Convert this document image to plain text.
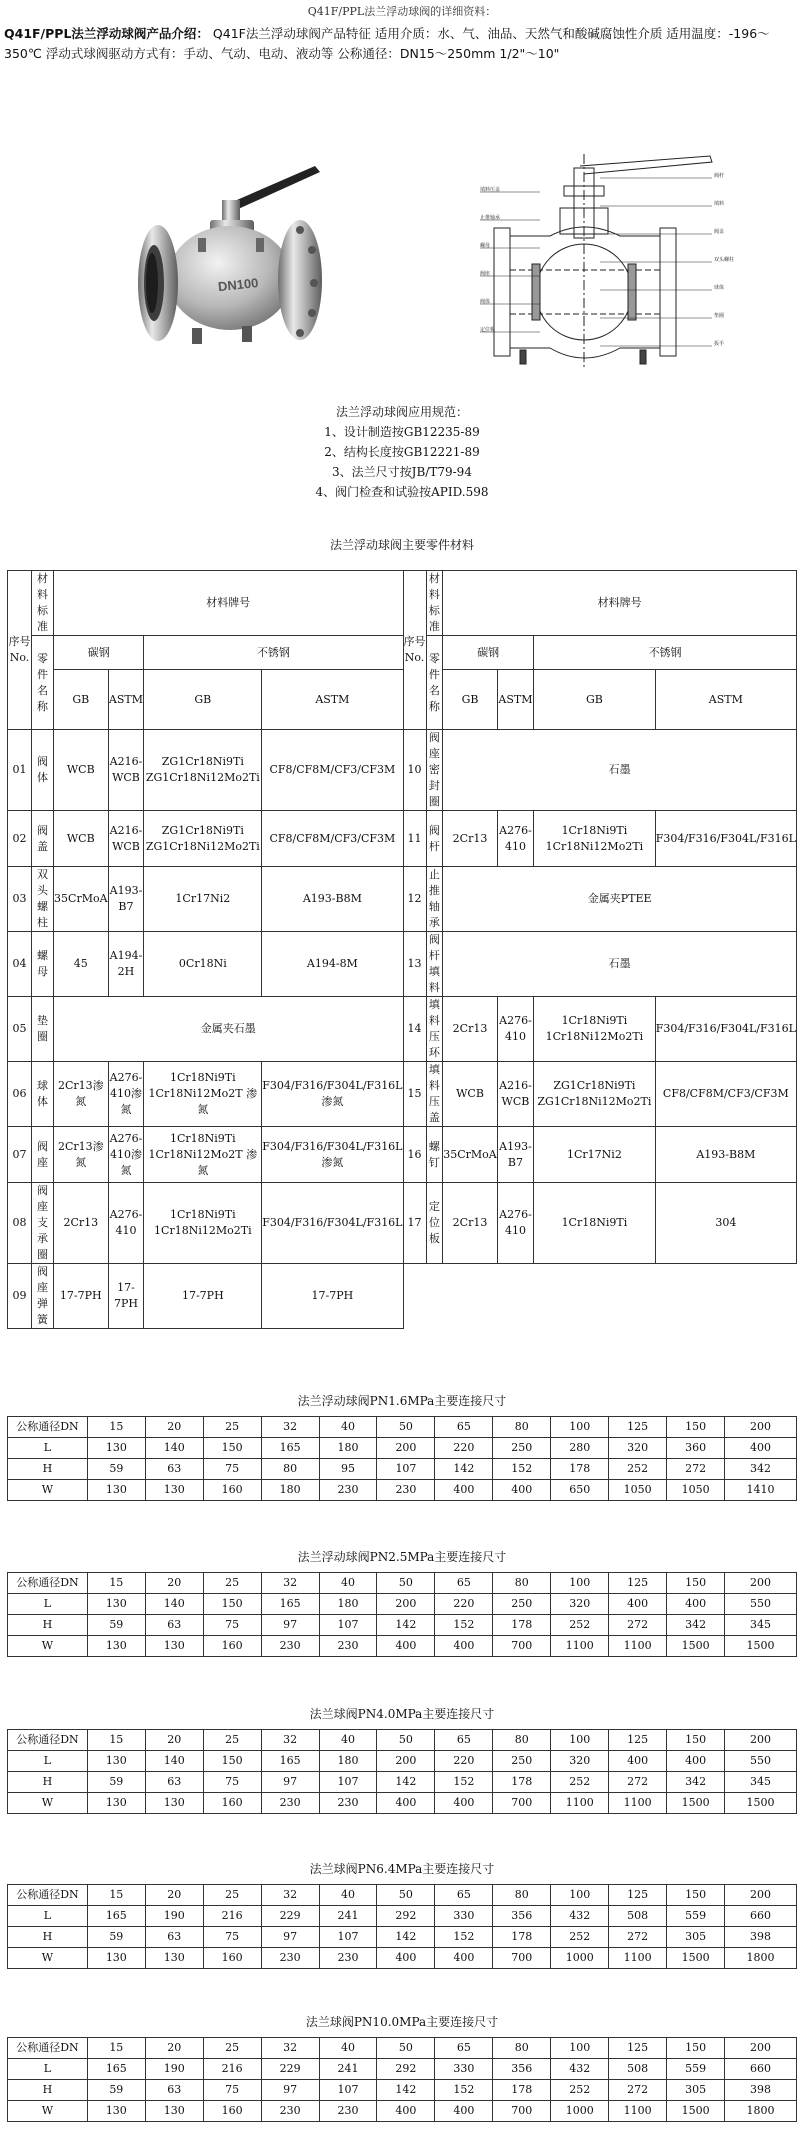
Q41F/PPL法兰浮动球阀的详细资料：
Q41F/PPL法兰浮动球阀产品介绍： Q41F法兰浮动球阀产品特征 适用介质：水、气、油品、天然气和酸碱腐蚀性介质 适用温度：-196～350℃ 浮动式球阀驱动方式有：手动、气动、电动、液动等 公称通径：DN15～250mm 1/2"～10"
DN100
阀杆
填料压盖
填料
止推轴承
阀盖
螺母
双头螺柱
阀座
球体
阀体
垫圈
定位板
扳手
法兰浮动球阀应用规范：
1、设计制造按GB12235-89
2、结构长度按GB12221-89
3、法兰尺寸按JB/T79-94
4、阀门检查和试验按APID.598
法兰浮动球阀主要零件材料
序号No.	材料标准	材料牌号				序号No.	材料标准	材料牌号			
	零件名称	碳钢		不锈钢			零件名称	碳钢		不锈钢	
		GB	ASTM	GB	ASTM			GB	ASTM	GB	ASTM
01	阀体	WCB	A216-WCB	ZG1Cr18Ni9Ti ZG1Cr18Ni12Mo2Ti	CF8/CF8M/CF3/CF3M	10	阀座密封圈	石墨			
02	阀盖	WCB	A216-WCB	ZG1Cr18Ni9Ti ZG1Cr18Ni12Mo2Ti	CF8/CF8M/CF3/CF3M	11	阀杆	2Cr13	A276-410	1Cr18Ni9Ti 1Cr18Ni12Mo2Ti	F304/F316/F304L/F316L
03	双头螺柱	35CrMoA	A193-B7	1Cr17Ni2	A193-B8M	12	止推轴承	金属夹PTEE			
04	螺母	45	A194-2H	0Cr18Ni	A194-8M	13	阀杆填料	石墨			
05	垫圈	金属夹石墨				14	填料压环	2Cr13	A276-410	1Cr18Ni9Ti 1Cr18Ni12Mo2Ti	F304/F316/F304L/F316L
06	球体	2Cr13渗氮	A276-410渗氮	1Cr18Ni9Ti 1Cr18Ni12Mo2T 渗氮	F304/F316/F304L/F316L 渗氮	15	填料压盖	WCB	A216-WCB	ZG1Cr18Ni9Ti ZG1Cr18Ni12Mo2Ti	CF8/CF8M/CF3/CF3M
07	阀座	2Cr13渗氮	A276-410渗氮	1Cr18Ni9Ti 1Cr18Ni12Mo2T 渗氮	F304/F316/F304L/F316L 渗氮	16	螺钉	35CrMoA	A193-B7	1Cr17Ni2	A193-B8M
08	阀座支承圈	2Cr13	A276-410	1Cr18Ni9Ti 1Cr18Ni12Mo2Ti	F304/F316/F304L/F316L	17	定位板	2Cr13	A276-410	1Cr18Ni9Ti	304
09	阀座弹簧	17-7PH	17-7PH	17-7PH	17-7PH						
法兰浮动球阀PN1.6MPa主要连接尺寸
公称通径DN	15	20	25	32	40	50	65	80	100	125	150	200
L	130	140	150	165	180	200	220	250	280	320	360	400
H	59	63	75	80	95	107	142	152	178	252	272	342
W	130	130	160	180	230	230	400	400	650	1050	1050	1410
法兰浮动球阀PN2.5MPa主要连接尺寸
公称通径DN	15	20	25	32	40	50	65	80	100	125	150	200
L	130	140	150	165	180	200	220	250	320	400	400	550
H	59	63	75	97	107	142	152	178	252	272	342	345
W	130	130	160	230	230	400	400	700	1100	1100	1500	1500
法兰球阀PN4.0MPa主要连接尺寸
公称通径DN	15	20	25	32	40	50	65	80	100	125	150	200
L	130	140	150	165	180	200	220	250	320	400	400	550
H	59	63	75	97	107	142	152	178	252	272	342	345
W	130	130	160	230	230	400	400	700	1100	1100	1500	1500
法兰球阀PN6.4MPa主要连接尺寸
公称通径DN	15	20	25	32	40	50	65	80	100	125	150	200
L	165	190	216	229	241	292	330	356	432	508	559	660
H	59	63	75	97	107	142	152	178	252	272	305	398
W	130	130	160	230	230	400	400	700	1000	1100	1500	1800
法兰球阀PN10.0MPa主要连接尺寸
公称通径DN	15	20	25	32	40	50	65	80	100	125	150	200
L	165	190	216	229	241	292	330	356	432	508	559	660
H	59	63	75	97	107	142	152	178	252	272	305	398
W	130	130	160	230	230	400	400	700	1000	1100	1500	1800
